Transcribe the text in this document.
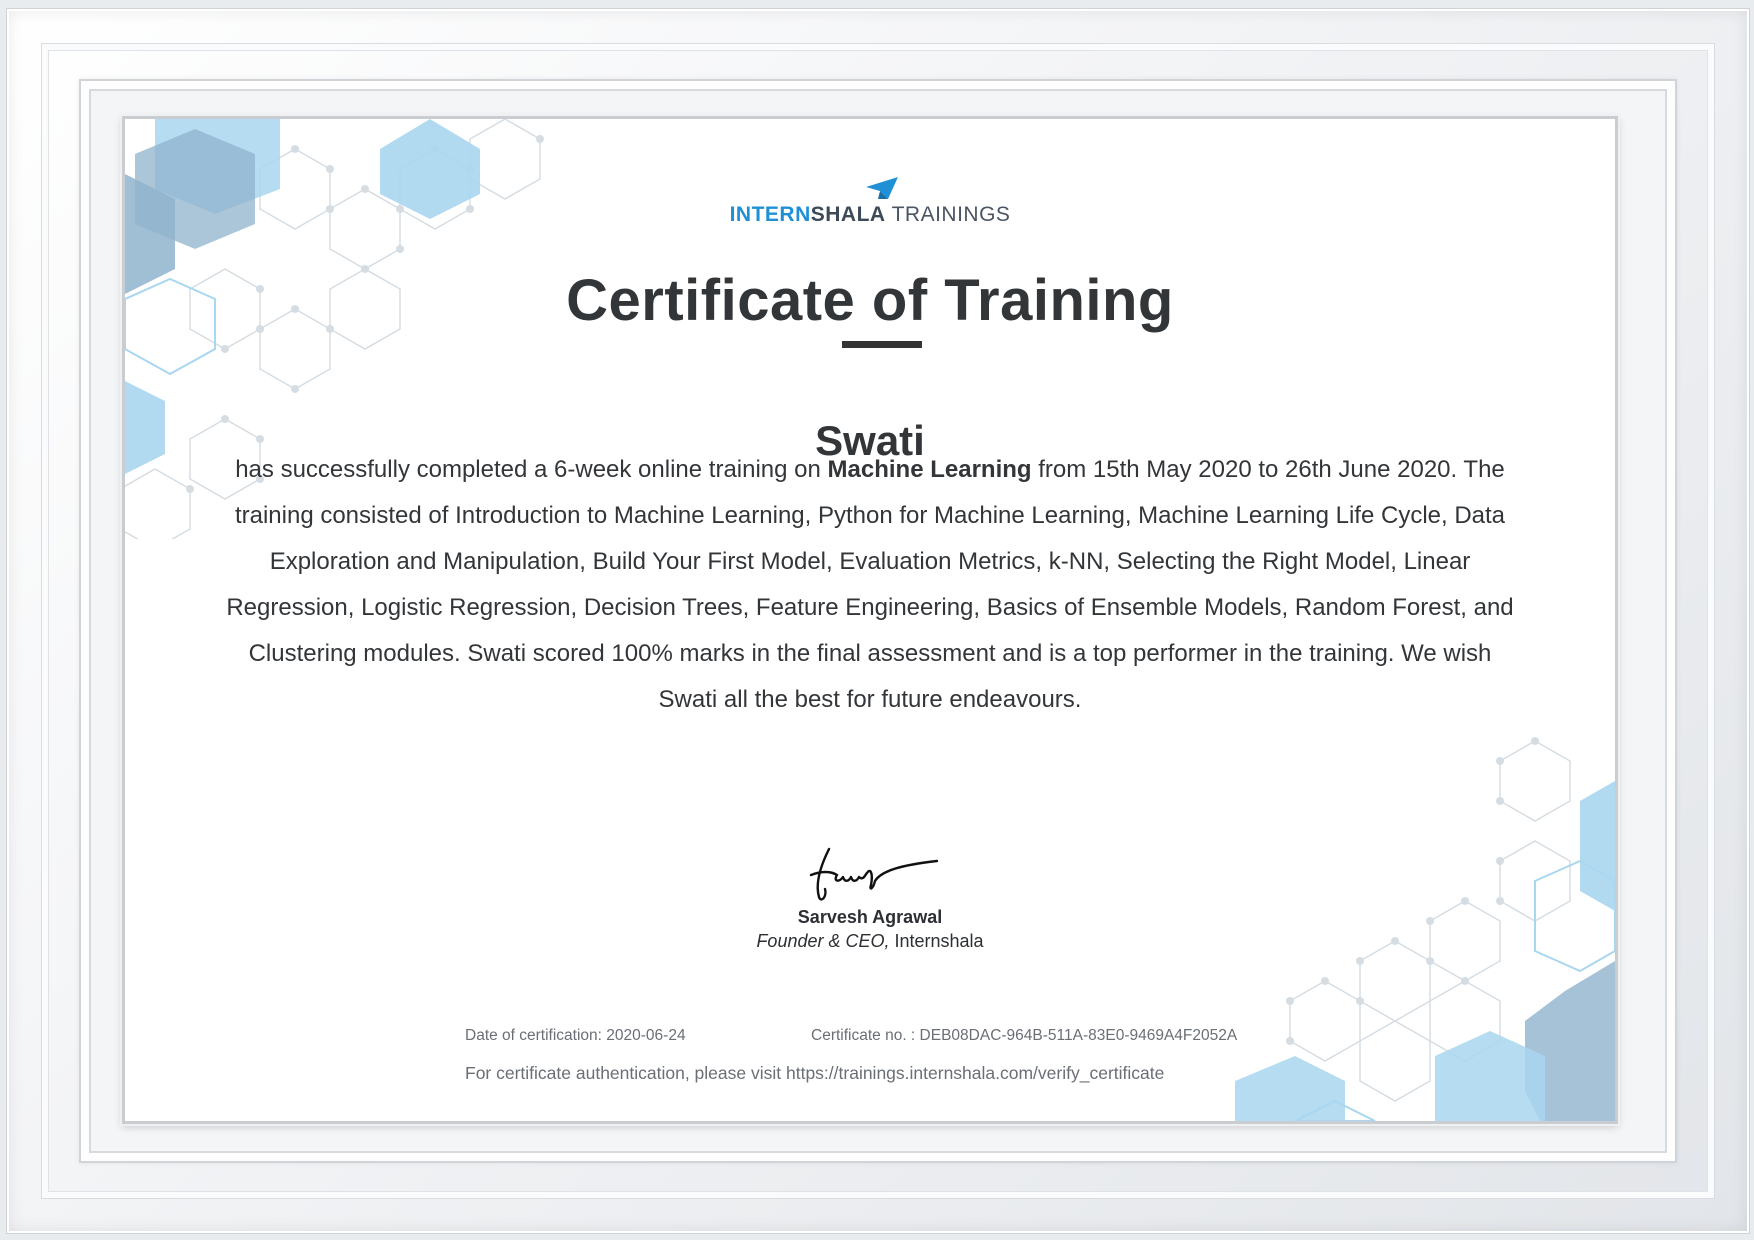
INTERNSHALA TRAININGS
Certificate of Training
Swati
has successfully completed a 6-week online training on Machine Learning from 15th May 2020 to 26th June 2020. The training consisted of Introduction to Machine Learning, Python for Machine Learning, Machine Learning Life Cycle, Data Exploration and Manipulation, Build Your First Model, Evaluation Metrics, k-NN, Selecting the Right Model, Linear Regression, Logistic Regression, Decision Trees, Feature Engineering, Basics of Ensemble Models, Random Forest, and Clustering modules. Swati scored 100% marks in the final assessment and is a top performer in the training. We wish Swati all the best for future endeavours.
Sarvesh Agrawal
Founder & CEO, Internshala
Date of certification: 2020-06-24	Certificate no. : DEB08DAC-964B-511A-83E0-9469A4F2052A
For certificate authentication, please visit https://trainings.internshala.com/verify_certificate
